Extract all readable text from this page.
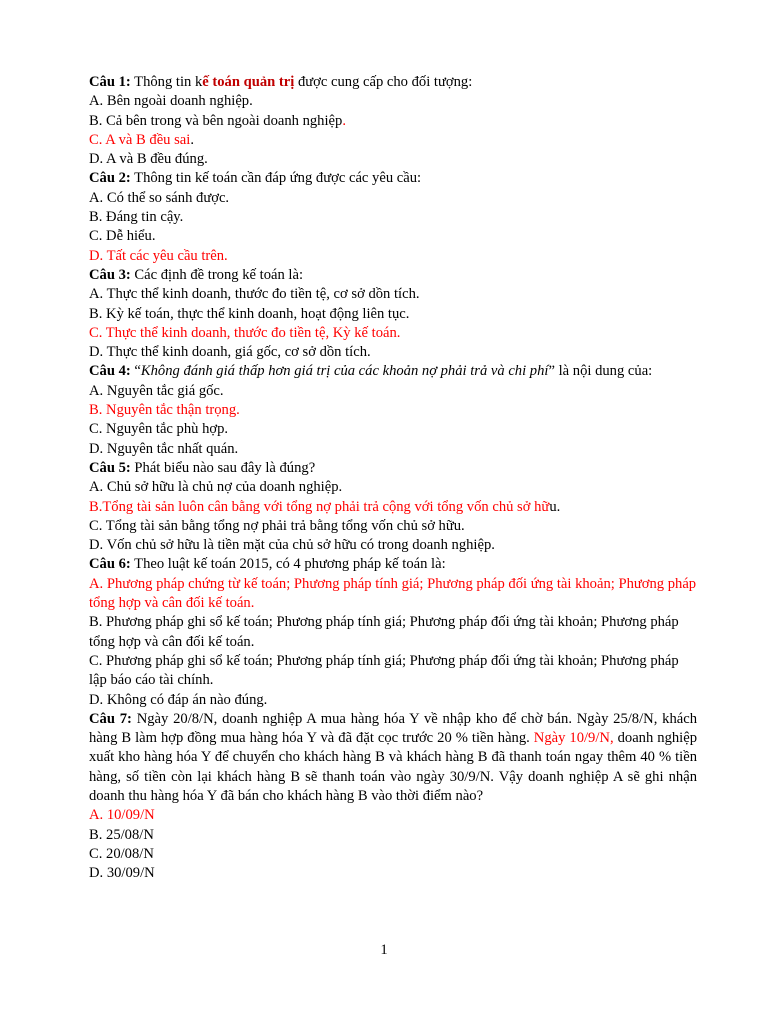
Câu 1: Thông tin kế toán quản trị được cung cấp cho đối tượng:
A. Bên ngoài doanh nghiệp.
B. Cả bên trong và bên ngoài doanh nghiệp.
C. A và B đều sai.
D. A và B đều đúng.
Câu 2: Thông tin kế toán cần đáp ứng được các yêu cầu:
A. Có thể so sánh được.
B. Đáng tin cậy.
C. Dễ hiểu.
D. Tất các yêu cầu trên.
Câu 3: Các định đề trong kế toán là:
A. Thực thể kinh doanh, thước đo tiền tệ, cơ sở dồn tích.
B. Kỳ kế toán, thực thể kinh doanh, hoạt động liên tục.
C. Thực thể kinh doanh, thước đo tiền tệ, Kỳ kế toán.
D. Thực thể kinh doanh, giá gốc, cơ sở dồn tích.
Câu 4: “Không đánh giá thấp hơn giá trị của các khoản nợ phải trả và chi phí” là nội dung của:
A. Nguyên tắc giá gốc.
B. Nguyên tắc thận trọng.
C. Nguyên tắc phù hợp.
D. Nguyên tắc nhất quán.
Câu 5: Phát biểu nào sau đây là đúng?
A. Chủ sở hữu là chủ nợ của doanh nghiệp.
B.Tổng tài sản luôn cân bằng với tổng nợ phải trả cộng với tổng vốn chủ sở hữu.
C. Tổng tài sản bằng tổng nợ phải trả bằng tổng vốn chủ sở hữu.
D. Vốn chủ sở hữu là tiền mặt của chủ sở hữu có trong doanh nghiệp.
Câu 6: Theo luật kế toán 2015, có 4 phương pháp kế toán là:
A. Phương pháp chứng từ kế toán; Phương pháp tính giá; Phương pháp đối ứng tài khoản; Phương pháp tổng hợp và cân đối kế toán.
B. Phương pháp ghi sổ kế toán; Phương pháp tính giá; Phương pháp đối ứng tài khoản; Phương pháp tổng hợp và cân đối kế toán.
C. Phương pháp ghi sổ kế toán; Phương pháp tính giá; Phương pháp đối ứng tài khoản; Phương pháp lập báo cáo tài chính.
D. Không có đáp án nào đúng.
Câu 7: Ngày 20/8/N, doanh nghiệp A mua hàng hóa Y về nhập kho để chờ bán. Ngày 25/8/N, khách hàng B làm hợp đồng mua hàng hóa Y và đã đặt cọc trước 20 % tiền hàng. Ngày 10/9/N, doanh nghiệp xuất kho hàng hóa Y để chuyển cho khách hàng B và khách hàng B đã thanh toán ngay thêm 40 % tiền hàng, số tiền còn lại khách hàng B sẽ thanh toán vào ngày 30/9/N. Vậy doanh nghiệp A sẽ ghi nhận doanh thu hàng hóa Y đã bán cho khách hàng B vào thời điểm nào?
A. 10/09/N
B. 25/08/N
C. 20/08/N
D. 30/09/N
1
